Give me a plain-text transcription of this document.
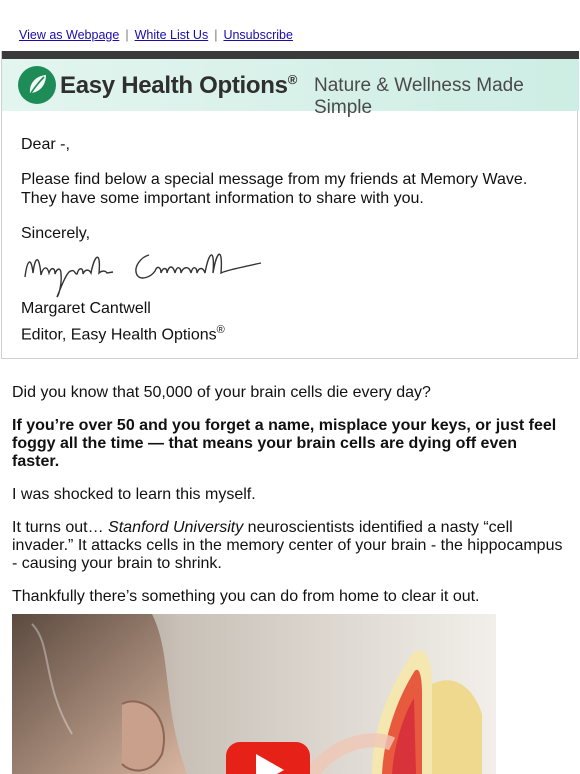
View as Webpage | White List Us | Unsubscribe
Easy Health Options® Nature & Wellness Made Simple

Dear -,

Please find below a special message from my friends at Memory Wave. They have some important information to share with you.

Sincerely,

Margaret Cantwell

Editor, Easy Health Options®

Did you know that 50,000 of your brain cells die every day?

If you’re over 50 and you forget a name, misplace your keys, or just feel foggy all the time — that means your brain cells are dying off even faster.

I was shocked to learn this myself.

It turns out… Stanford University neuroscientists identified a nasty “cell invader.” It attacks cells in the memory center of your brain - the hippocampus - causing your brain to shrink.

Thankfully there’s something you can do from home to clear it out.
